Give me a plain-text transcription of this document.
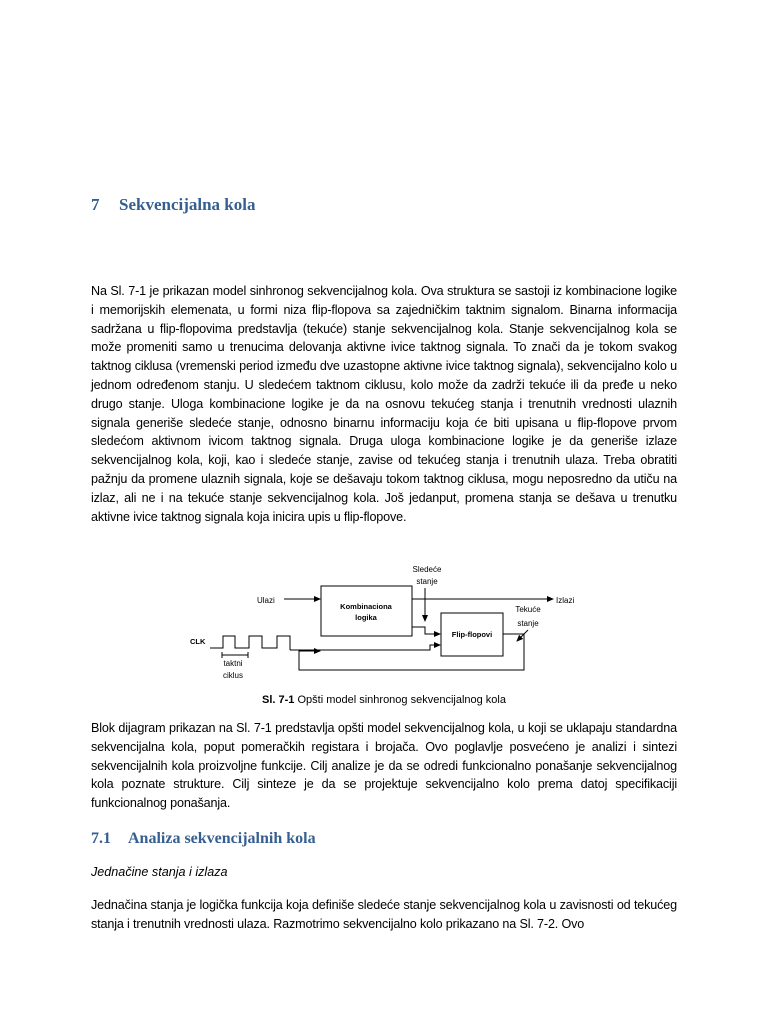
7 Sekvencijalna kola

Na Sl. 7-1 je prikazan model sinhronog sekvencijalnog kola. Ova struktura se sastoji iz kombinacione logike i memorijskih elemenata, u formi niza flip-flopova sa zajedničkim taktnim signalom. Binarna informacija sadržana u flip-flopovima predstavlja (tekuće) stanje sekvencijalnog kola. Stanje sekvencijalnog kola se može promeniti samo u trenucima delovanja aktivne ivice taktnog signala. To znači da je tokom svakog taktnog ciklusa (vremenski period između dve uzastopne aktivne ivice taktnog signala), sekvencijalno kolo u jednom određenom stanju. U sledećem taktnom ciklusu, kolo može da zadrži tekuće ili da pređe u neko drugo stanje. Uloga kombinacione logike je da na osnovu tekućeg stanja i trenutnih vrednosti ulaznih signala generiše sledeće stanje, odnosno binarnu informaciju koja će biti upisana u flip-flopove prvom sledećom aktivnom ivicom taktnog signala. Druga uloga kombinacione logike je da generiše izlaze sekvencijalnog kola, koji, kao i sledeće stanje, zavise od tekućeg stanja i trenutnih ulaza. Treba obratiti pažnju da promene ulaznih signala, koje se dešavaju tokom taktnog ciklusa, mogu neposredno da utiču na izlaz, ali ne i na tekuće stanje sekvencijalnog kola. Još jedanput, promena stanja se dešava u trenutku aktivne ivice taktnog signala koja inicira upis u flip-flopove.

Ulazi	Izlazi
Sledeće
stanje
Tekuće
stanje
Kombinaciona
logika
Flip-flopovi
CLK
taktni
ciklus

Sl. 7-1 Opšti model sinhronog sekvencijalnog kola

Blok dijagram prikazan na Sl. 7-1 predstavlja opšti model sekvencijalnog kola, u koji se uklapaju standardna sekvencijalna kola, poput pomeračkih registara i brojača. Ovo poglavlje posvećeno je analizi i sintezi sekvencijalnih kola proizvoljne funkcije. Cilj analize je da se odredi funkcionalno ponašanje sekvencijalnog kola poznate strukture. Cilj sinteze je da se projektuje sekvencijalno kolo prema datoj specifikaciji funkcionalnog ponašanja.

7.1 Analiza sekvencijalnih kola

Jednačine stanja i izlaza

Jednačina stanja je logička funkcija koja definiše sledeće stanje sekvencijalnog kola u zavisnosti od tekućeg stanja i trenutnih vrednosti ulaza. Razmotrimo sekvencijalno kolo prikazano na Sl. 7-2. Ovo
